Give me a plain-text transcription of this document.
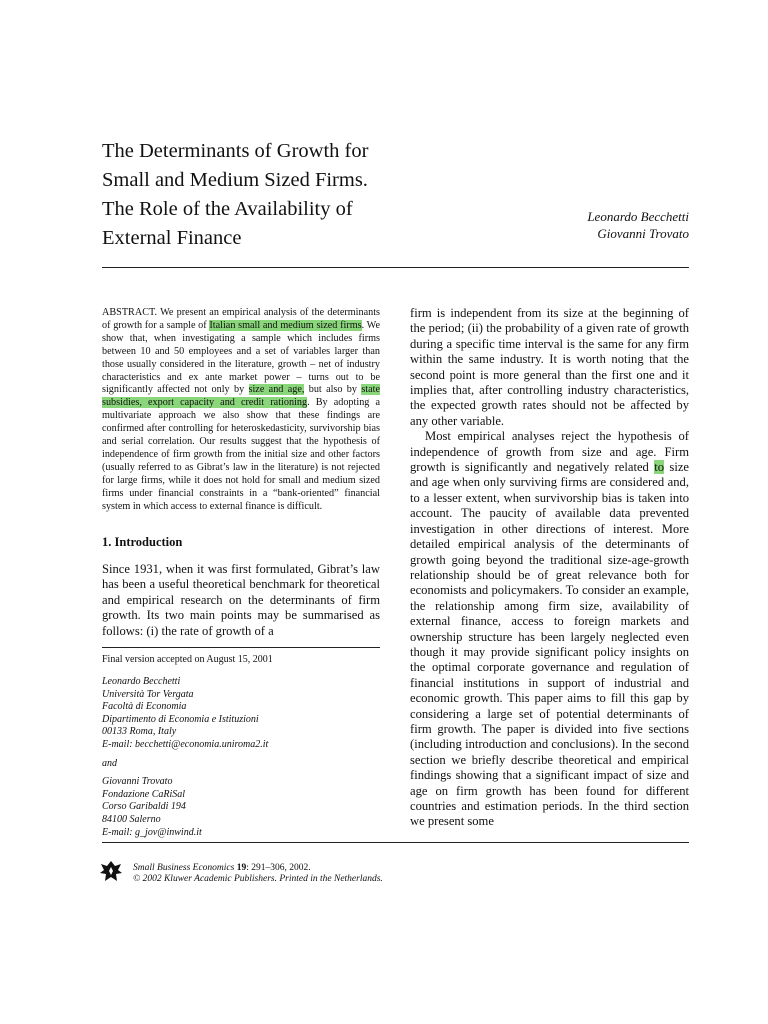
The Determinants of Growth for
Small and Medium Sized Firms.
The Role of the Availability of
External Finance
Leonardo Becchetti
Giovanni Trovato
ABSTRACT. We present an empirical analysis of the determinants of growth for a sample of Italian small and medium sized firms. We show that, when investigating a sample which includes firms between 10 and 50 employees and a set of variables larger than those usually considered in the literature, growth – net of industry characteristics and ex ante market power – turns out to be significantly affected not only by size and age, but also by state subsidies, export capacity and credit rationing. By adopting a multivariate approach we also show that these findings are confirmed after controlling for heteroskedasticity, survivorship bias and serial correlation. Our results suggest that the hypothesis of independence of firm growth from the initial size and other factors (usually referred to as Gibrat’s law in the literature) is not rejected for large firms, while it does not hold for small and medium sized firms under financial constraints in a “bank-oriented” financial system in which access to external finance is difficult.
1. Introduction
Since 1931, when it was first formulated, Gibrat’s law has been a useful theoretical benchmark for theoretical and empirical research on the determinants of firm growth. Its two main points may be summarised as follows: (i) the rate of growth of a
Final version accepted on August 15, 2001
Leonardo Becchetti
Università Tor Vergata
Facoltà di Economia
Dipartimento di Economia e Istituzioni
00133 Roma, Italy
E-mail: becchetti@economia.uniroma2.it
and
Giovanni Trovato
Fondazione CaRiSal
Corso Garibaldi 194
84100 Salerno
E-mail: g_jov@inwind.it

firm is independent from its size at the beginning of the period; (ii) the probability of a given rate of growth during a specific time interval is the same for any firm within the same industry. It is worth noting that the second point is more general than the first one and it implies that, after controlling industry characteristics, the expected growth rates should not be affected by any other variable.

Most empirical analyses reject the hypothesis of independence of growth from size and age. Firm growth is significantly and negatively related to size and age when only surviving firms are considered and, to a lesser extent, when survivorship bias is taken into account. The paucity of available data prevented investigation in other directions of interest. More detailed empirical analysis of the determinants of growth going beyond the traditional size-age-growth relationship should be of great relevance both for economists and policymakers. To consider an example, the relationship among firm size, availability of external finance, access to foreign markets and ownership structure has been largely neglected even though it may provide significant policy insights on the optimal corporate governance and regulation of financial institutions in support of industrial and economic growth. This paper aims to fill this gap by considering a large set of potential determinants of firm growth. The paper is divided into five sections (including introduction and conclusions). In the second section we briefly describe theoretical and empirical findings showing that a significant impact of size and age on firm growth has been found for different countries and estimation periods. In the third section we present some

Small Business Economics 19: 291–306, 2002.
© 2002 Kluwer Academic Publishers. Printed in the Netherlands.
